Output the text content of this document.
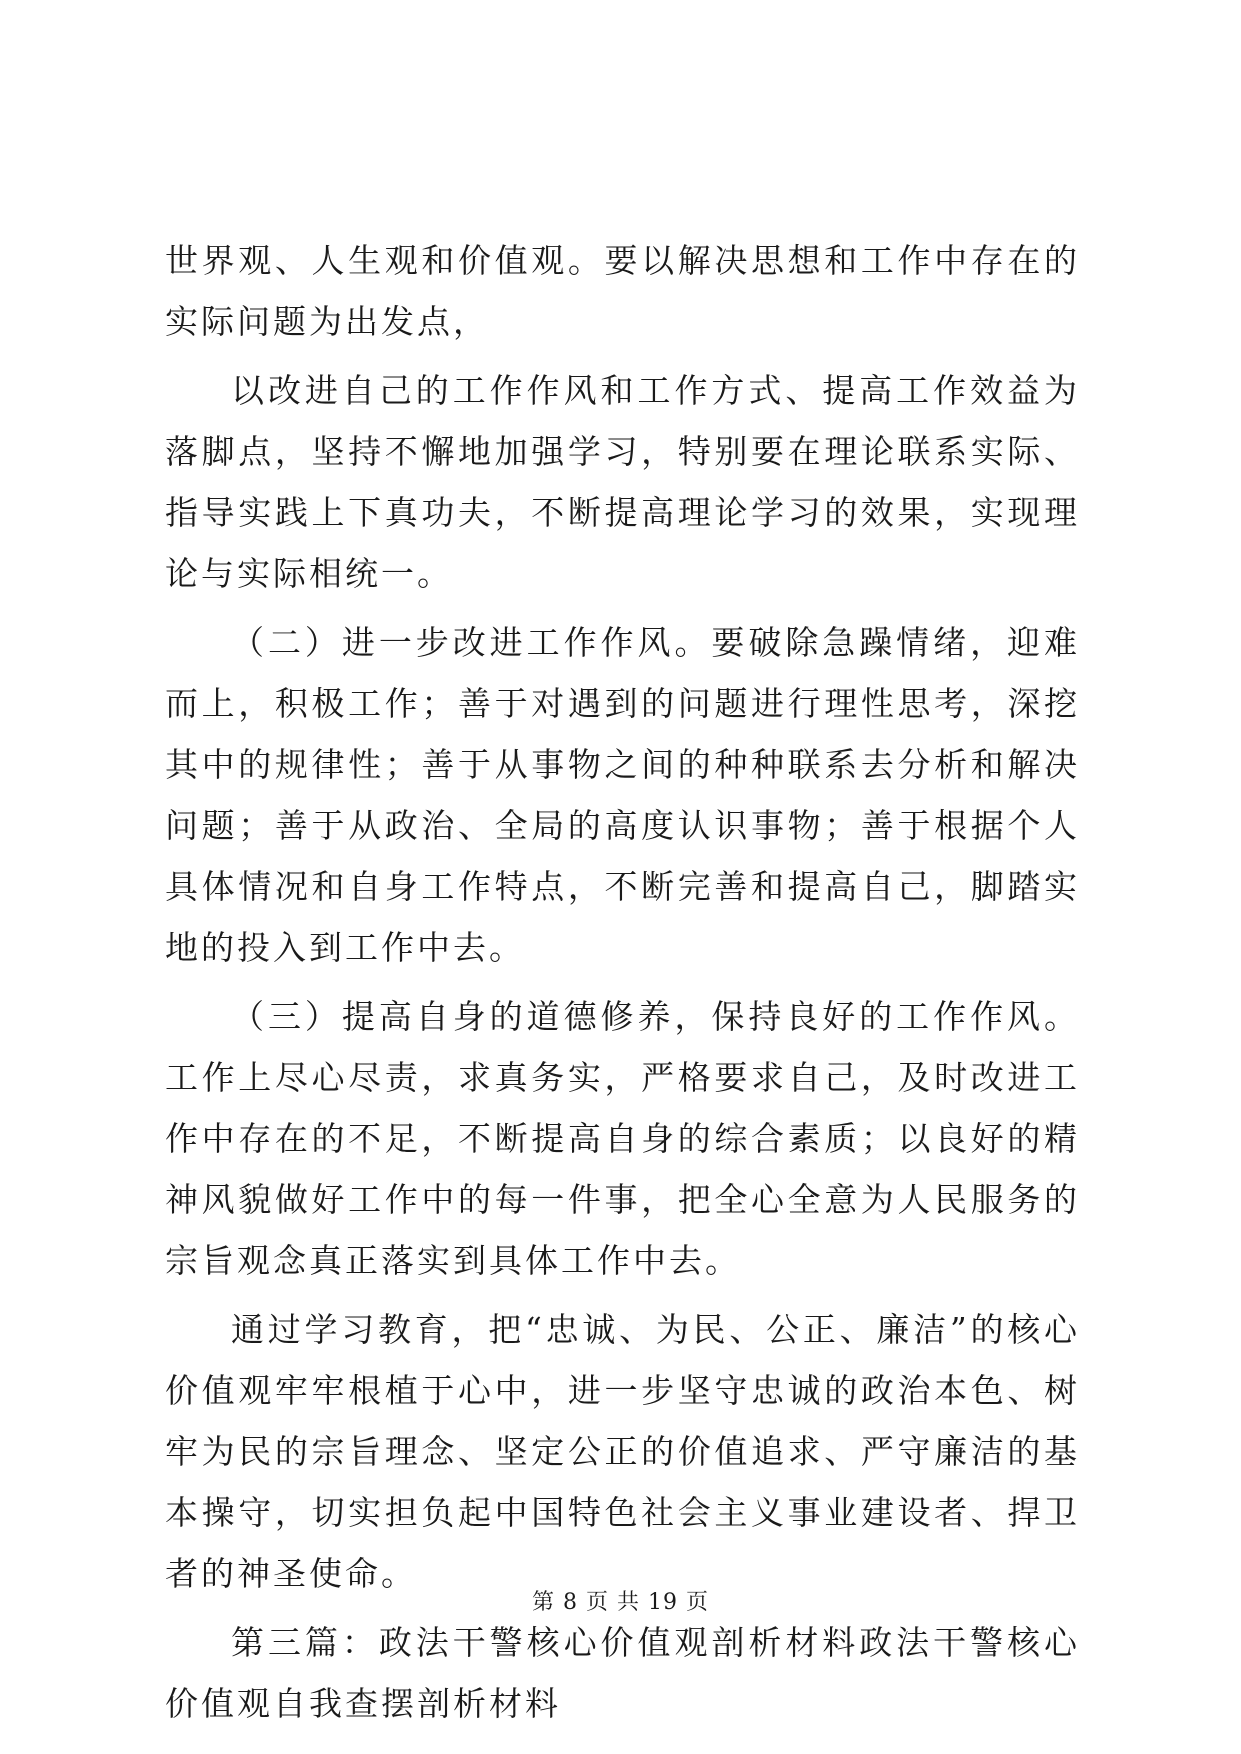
世界观、人生观和价值观。要以解决思想和工作中存在的实际问题为出发点，

以改进自己的工作作风和工作方式、提高工作效益为落脚点，坚持不懈地加强学习，特别要在理论联系实际、指导实践上下真功夫，不断提高理论学习的效果，实现理论与实际相统一。

（二）进一步改进工作作风。要破除急躁情绪，迎难而上，积极工作；善于对遇到的问题进行理性思考，深挖其中的规律性；善于从事物之间的种种联系去分析和解决问题；善于从政治、全局的高度认识事物；善于根据个人具体情况和自身工作特点，不断完善和提高自己，脚踏实地的投入到工作中去。

（三）提高自身的道德修养，保持良好的工作作风。工作上尽心尽责，求真务实，严格要求自己，及时改进工作中存在的不足，不断提高自身的综合素质；以良好的精神风貌做好工作中的每一件事，把全心全意为人民服务的宗旨观念真正落实到具体工作中去。

通过学习教育，把“忠诚、为民、公正、廉洁”的核心价值观牢牢根植于心中，进一步坚守忠诚的政治本色、树牢为民的宗旨理念、坚定公正的价值追求、严守廉洁的基本操守，切实担负起中国特色社会主义事业建设者、捍卫者的神圣使命。

第三篇：政法干警核心价值观剖析材料政法干警核心价值观自我查摆剖析材料

第 8 页 共 19 页
